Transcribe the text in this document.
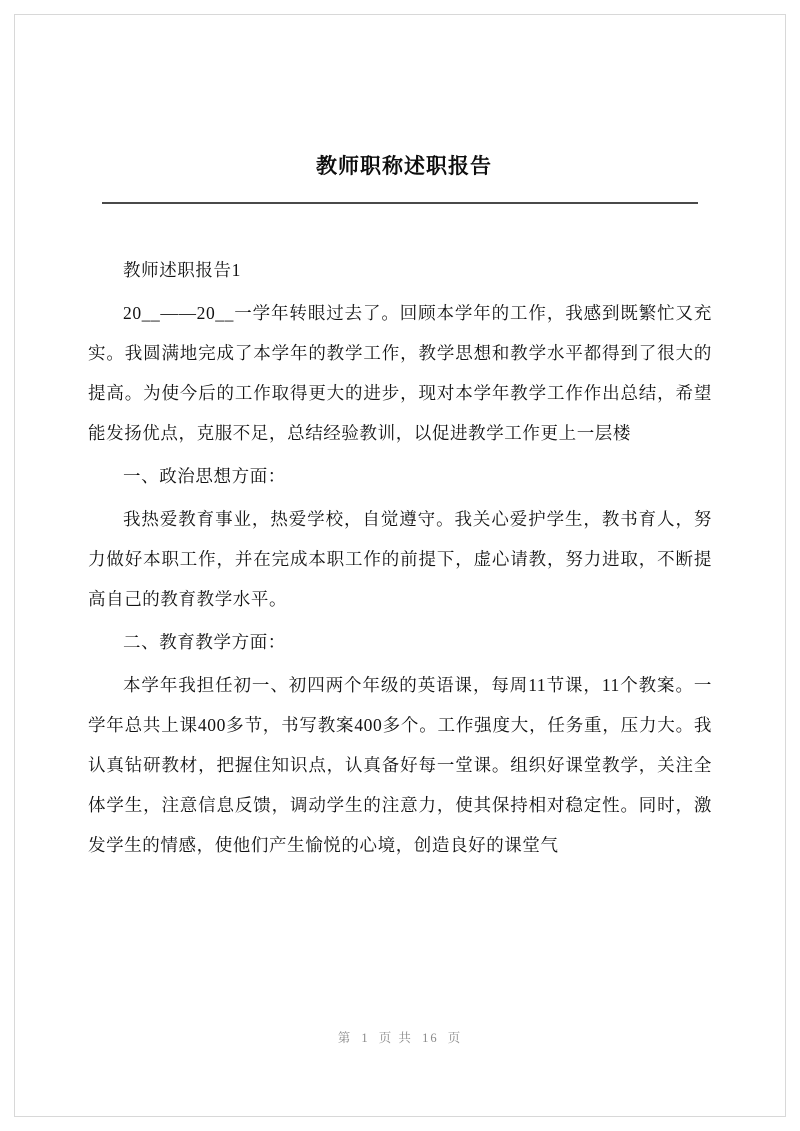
教师职称述职报告

教师述职报告1

20__——20__一学年转眼过去了。回顾本学年的工作，我感到既繁忙又充实。我圆满地完成了本学年的教学工作，教学思想和教学水平都得到了很大的提高。为使今后的工作取得更大的进步，现对本学年教学工作作出总结，希望能发扬优点，克服不足，总结经验教训，以促进教学工作更上一层楼

一、政治思想方面：

我热爱教育事业，热爱学校，自觉遵守。我关心爱护学生，教书育人，努力做好本职工作，并在完成本职工作的前提下，虚心请教，努力进取，不断提高自己的教育教学水平。

二、教育教学方面：

本学年我担任初一、初四两个年级的英语课，每周11节课，11个教案。一学年总共上课400多节，书写教案400多个。工作强度大，任务重，压力大。我认真钻研教材，把握住知识点，认真备好每一堂课。组织好课堂教学，关注全体学生，注意信息反馈，调动学生的注意力，使其保持相对稳定性。同时，激发学生的情感，使他们产生愉悦的心境，创造良好的课堂气

第 1 页 共 16 页
